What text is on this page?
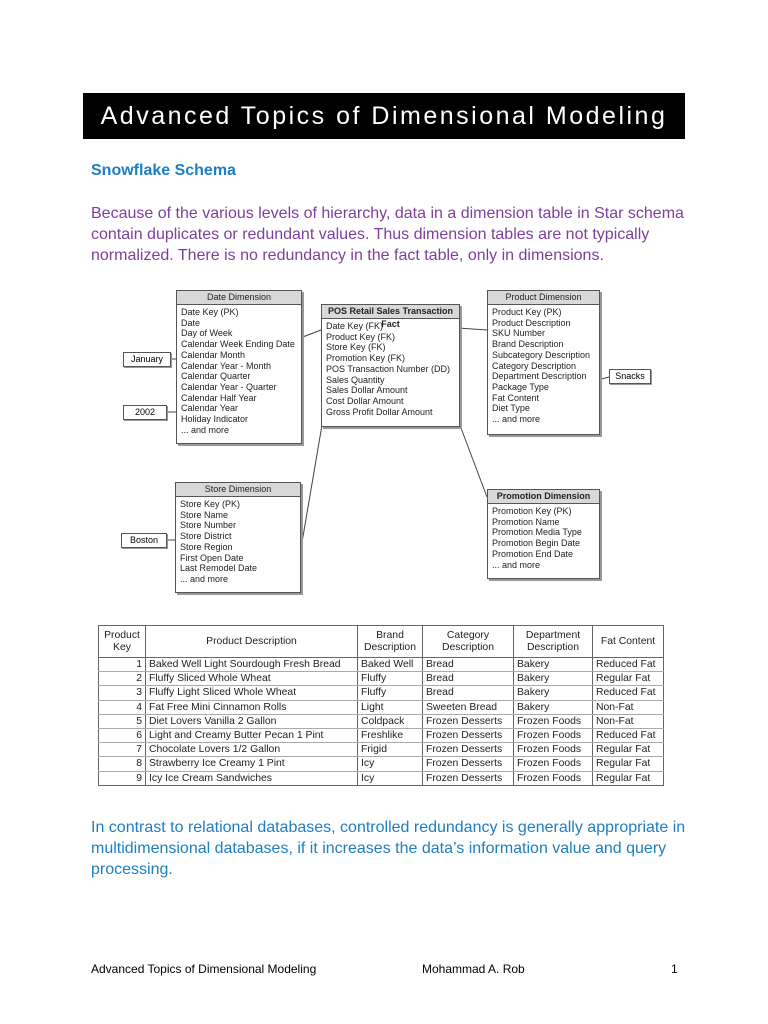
Advanced Topics of Dimensional Modeling
Snowflake Schema
Because of the various levels of hierarchy, data in a dimension table in Star schema contain duplicates or redundant values. Thus dimension tables are not typically normalized. There is no redundancy in the fact table, only in dimensions.
Date Dimension
Date Key (PK)
Date
Day of Week
Calendar Week Ending Date
Calendar Month
Calendar Year - Month
Calendar Quarter
Calendar Year - Quarter
Calendar Half Year
Calendar Year
Holiday Indicator
... and more
POS Retail Sales Transaction Fact
Date Key (FK)
Product Key (FK)
Store Key (FK)
Promotion Key (FK)
POS Transaction Number (DD)
Sales Quantity
Sales Dollar Amount
Cost Dollar Amount
Gross Profit Dollar Amount
Product Dimension
Product Key (PK)
Product Description
SKU Number
Brand Description
Subcategory Description
Category Description
Department Description
Package Type
Fat Content
Diet Type
... and more
Store Dimension
Store Key (PK)
Store Name
Store Number
Store District
Store Region
First Open Date
Last Remodel Date
... and more
Promotion Dimension
Promotion Key (PK)
Promotion Name
Promotion Media Type
Promotion Begin Date
Promotion End Date
... and more
January
2002
Snacks
Boston
Product Key	Product Description	Brand Description	Category Description	Department Description	Fat Content
1	Baked Well Light Sourdough Fresh Bread	Baked Well	Bread	Bakery	Reduced Fat
2	Fluffy Sliced Whole Wheat	Fluffy	Bread	Bakery	Regular Fat
3	Fluffy Light Sliced Whole Wheat	Fluffy	Bread	Bakery	Reduced Fat
4	Fat Free Mini Cinnamon Rolls	Light	Sweeten Bread	Bakery	Non-Fat
5	Diet Lovers Vanilla 2 Gallon	Coldpack	Frozen Desserts	Frozen Foods	Non-Fat
6	Light and Creamy Butter Pecan 1 Pint	Freshlike	Frozen Desserts	Frozen Foods	Reduced Fat
7	Chocolate Lovers 1/2 Gallon	Frigid	Frozen Desserts	Frozen Foods	Regular Fat
8	Strawberry Ice Creamy 1 Pint	Icy	Frozen Desserts	Frozen Foods	Regular Fat
9	Icy Ice Cream Sandwiches	Icy	Frozen Desserts	Frozen Foods	Regular Fat
In contrast to relational databases, controlled redundancy is generally appropriate in multidimensional databases, if it increases the data’s information value and query processing.
Advanced Topics of Dimensional Modeling	Mohammad A. Rob	1
